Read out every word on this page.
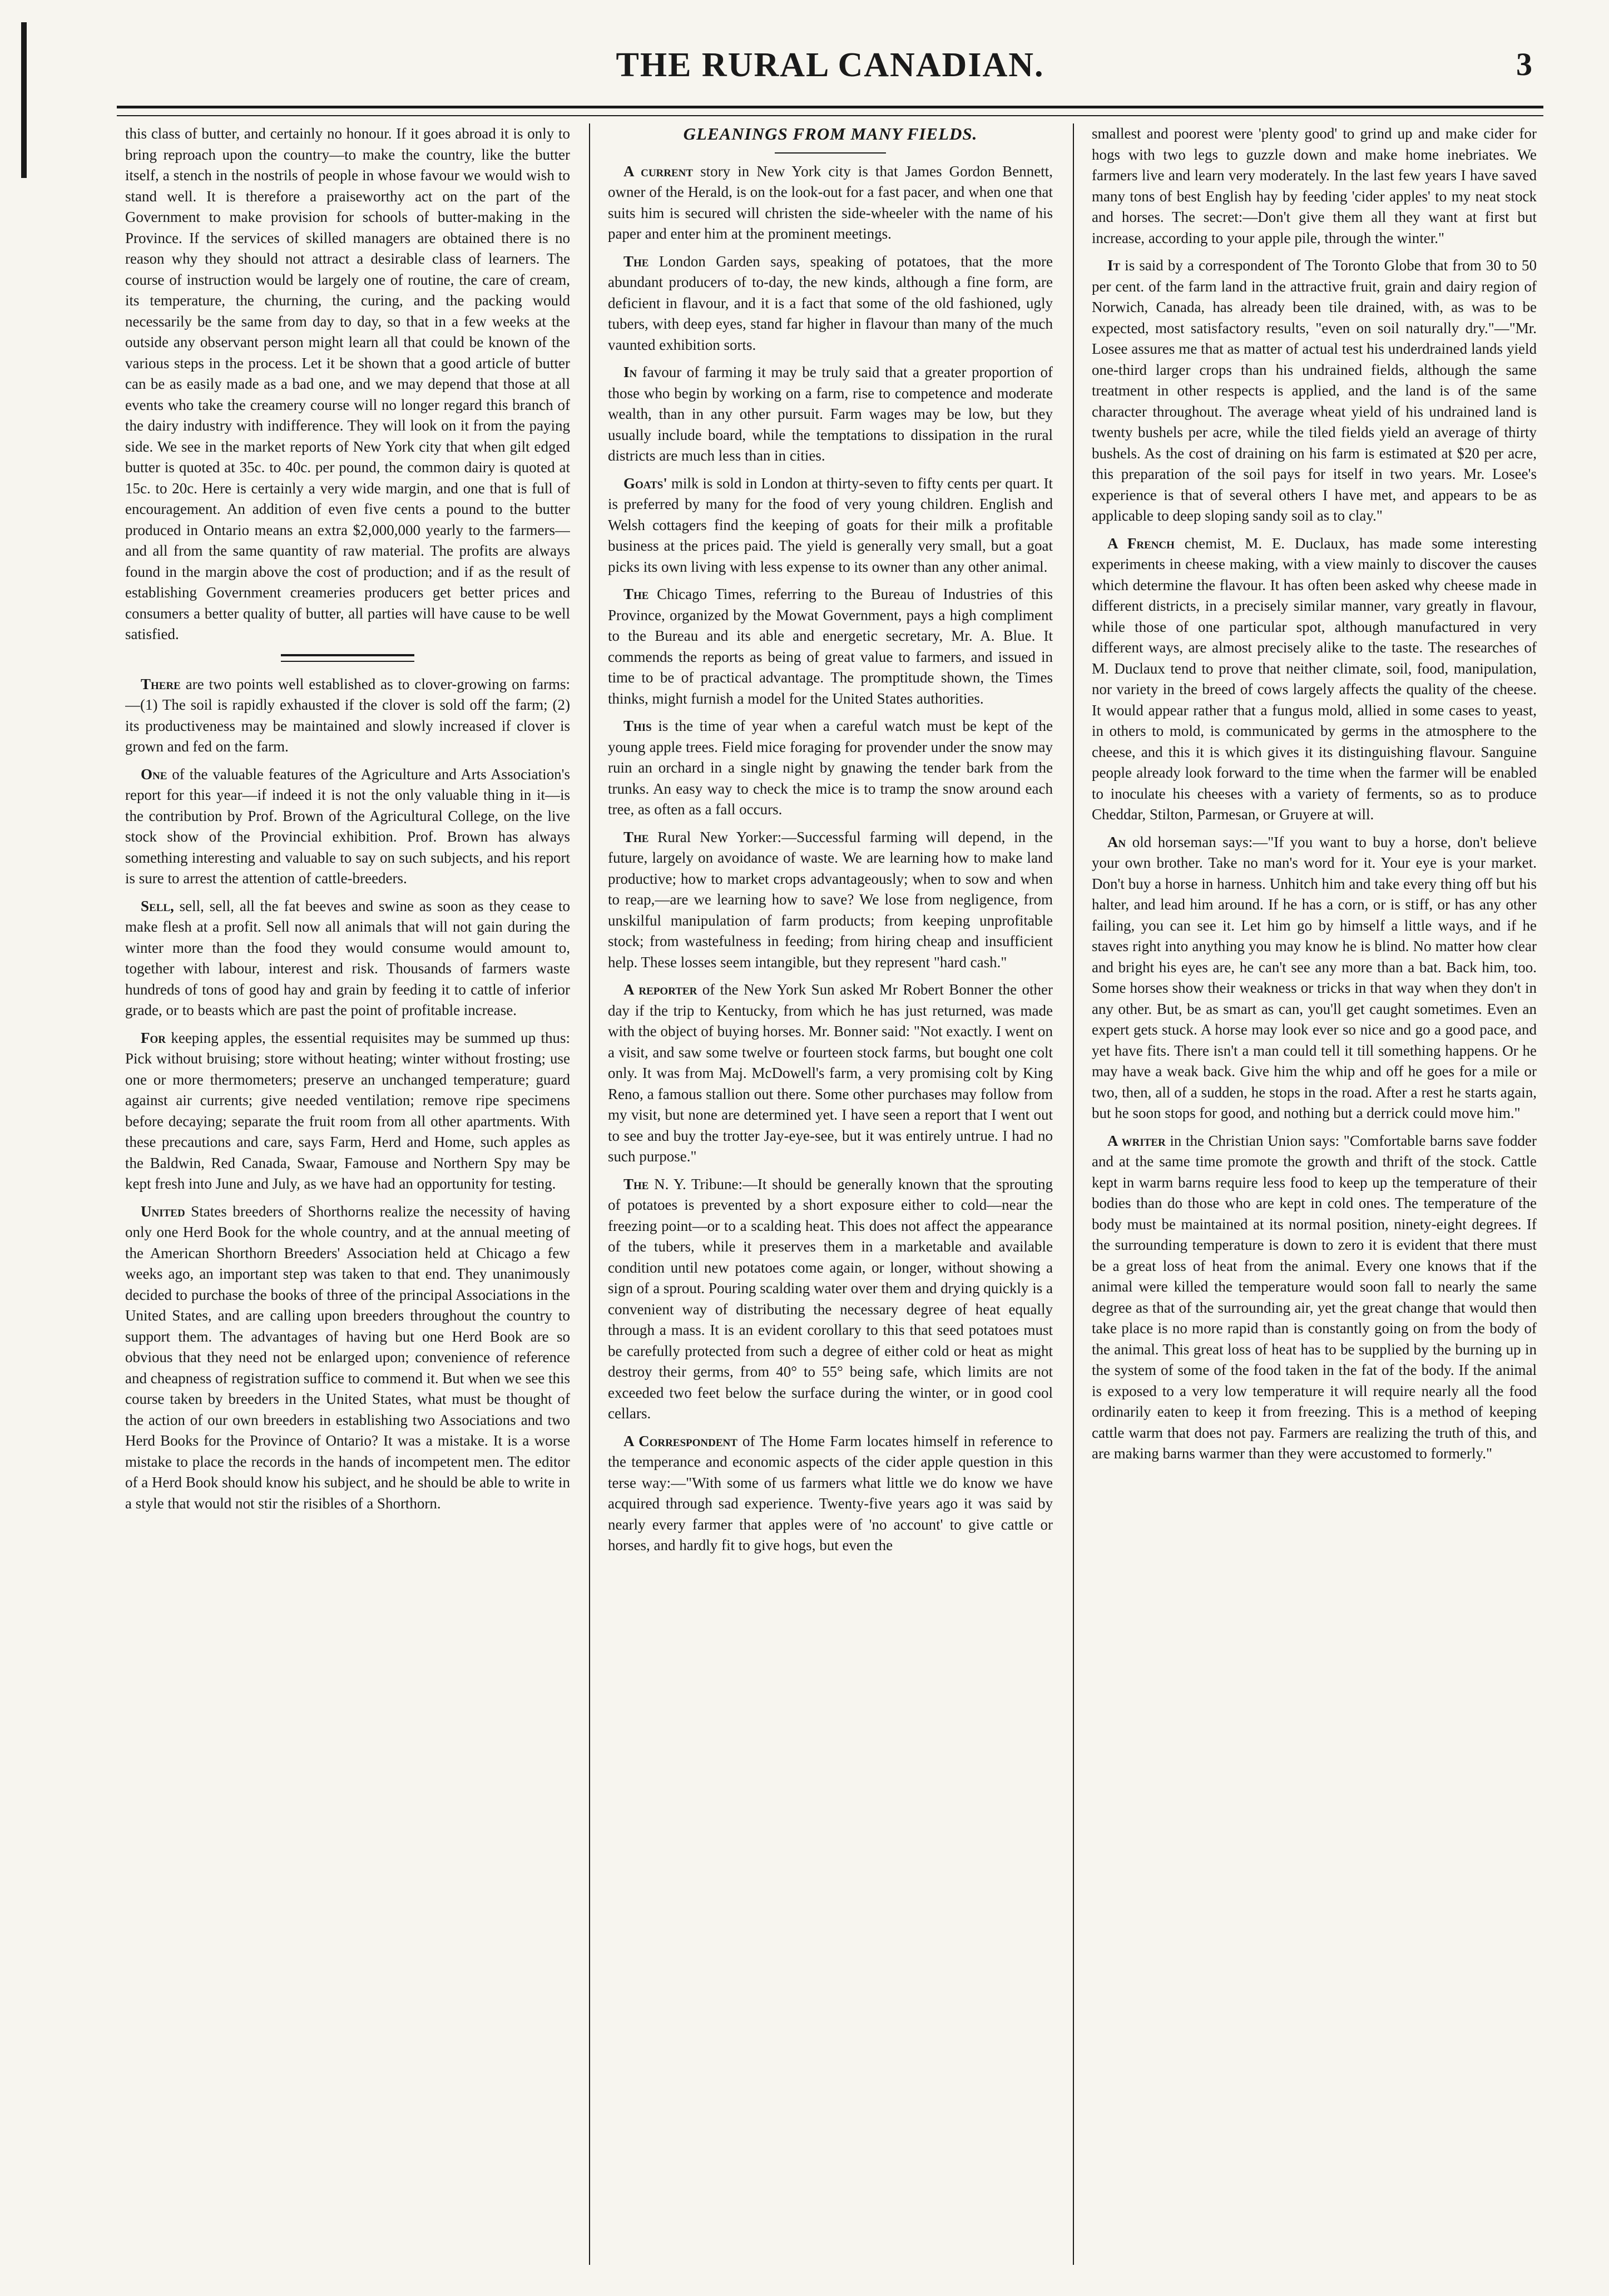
THE RURAL CANADIAN.	3

this class of butter, and certainly no honour. If it goes abroad it is only to bring reproach upon the country—to make the country, like the butter itself, a stench in the nostrils of people in whose favour we would wish to stand well. It is therefore a praiseworthy act on the part of the Government to make provision for schools of butter-making in the Province. If the services of skilled managers are obtained there is no reason why they should not attract a desirable class of learners. The course of instruction would be largely one of routine, the care of cream, its temperature, the churning, the curing, and the packing would necessarily be the same from day to day, so that in a few weeks at the outside any observant person might learn all that could be known of the various steps in the process. Let it be shown that a good article of butter can be as easily made as a bad one, and we may depend that those at all events who take the creamery course will no longer regard this branch of the dairy industry with indifference. They will look on it from the paying side. We see in the market reports of New York city that when gilt edged butter is quoted at 35c. to 40c. per pound, the common dairy is quoted at 15c. to 20c. Here is certainly a very wide margin, and one that is full of encouragement. An addition of even five cents a pound to the butter produced in Ontario means an extra $2,000,000 yearly to the farmers—and all from the same quantity of raw material. The profits are always found in the margin above the cost of production; and if as the result of establishing Government creameries producers get better prices and consumers a better quality of butter, all parties will have cause to be well satisfied.

There are two points well established as to clover-growing on farms:—(1) The soil is rapidly exhausted if the clover is sold off the farm; (2) its productiveness may be maintained and slowly increased if clover is grown and fed on the farm.

One of the valuable features of the Agriculture and Arts Association's report for this year—if indeed it is not the only valuable thing in it—is the contribution by Prof. Brown of the Agricultural College, on the live stock show of the Provincial exhibition. Prof. Brown has always something interesting and valuable to say on such subjects, and his report is sure to arrest the attention of cattle-breeders.

Sell, sell, sell, all the fat beeves and swine as soon as they cease to make flesh at a profit. Sell now all animals that will not gain during the winter more than the food they would consume would amount to, together with labour, interest and risk. Thousands of farmers waste hundreds of tons of good hay and grain by feeding it to cattle of inferior grade, or to beasts which are past the point of profitable increase.

For keeping apples, the essential requisites may be summed up thus: Pick without bruising; store without heating; winter without frosting; use one or more thermometers; preserve an unchanged temperature; guard against air currents; give needed ventilation; remove ripe specimens before decaying; separate the fruit room from all other apartments. With these precautions and care, says Farm, Herd and Home, such apples as the Baldwin, Red Canada, Swaar, Famouse and Northern Spy may be kept fresh into June and July, as we have had an opportunity for testing.

United States breeders of Shorthorns realize the necessity of having only one Herd Book for the whole country, and at the annual meeting of the American Shorthorn Breeders' Association held at Chicago a few weeks ago, an important step was taken to that end. They unanimously decided to purchase the books of three of the principal Associations in the United States, and are calling upon breeders throughout the country to support them. The advantages of having but one Herd Book are so obvious that they need not be enlarged upon; convenience of reference and cheapness of registration suffice to commend it. But when we see this course taken by breeders in the United States, what must be thought of the action of our own breeders in establishing two Associations and two Herd Books for the Province of Ontario? It was a mistake. It is a worse mistake to place the records in the hands of incompetent men. The editor of a Herd Book should know his subject, and he should be able to write in a style that would not stir the risibles of a Shorthorn.

GLEANINGS FROM MANY FIELDS.

A current story in New York city is that James Gordon Bennett, owner of the Herald, is on the look-out for a fast pacer, and when one that suits him is secured will christen the side-wheeler with the name of his paper and enter him at the prominent meetings.

The London Garden says, speaking of potatoes, that the more abundant producers of to-day, the new kinds, although a fine form, are deficient in flavour, and it is a fact that some of the old fashioned, ugly tubers, with deep eyes, stand far higher in flavour than many of the much vaunted exhibition sorts.

In favour of farming it may be truly said that a greater proportion of those who begin by working on a farm, rise to competence and moderate wealth, than in any other pursuit. Farm wages may be low, but they usually include board, while the temptations to dissipation in the rural districts are much less than in cities.

Goats' milk is sold in London at thirty-seven to fifty cents per quart. It is preferred by many for the food of very young children. English and Welsh cottagers find the keeping of goats for their milk a profitable business at the prices paid. The yield is generally very small, but a goat picks its own living with less expense to its owner than any other animal.

The Chicago Times, referring to the Bureau of Industries of this Province, organized by the Mowat Government, pays a high compliment to the Bureau and its able and energetic secretary, Mr. A. Blue. It commends the reports as being of great value to farmers, and issued in time to be of practical advantage. The promptitude shown, the Times thinks, might furnish a model for the United States authorities.

This is the time of year when a careful watch must be kept of the young apple trees. Field mice foraging for provender under the snow may ruin an orchard in a single night by gnawing the tender bark from the trunks. An easy way to check the mice is to tramp the snow around each tree, as often as a fall occurs.

The Rural New Yorker:—Successful farming will depend, in the future, largely on avoidance of waste. We are learning how to make land productive; how to market crops advantageously; when to sow and when to reap,—are we learning how to save? We lose from negligence, from unskilful manipulation of farm products; from keeping unprofitable stock; from wastefulness in feeding; from hiring cheap and insufficient help. These losses seem intangible, but they represent "hard cash."

A reporter of the New York Sun asked Mr Robert Bonner the other day if the trip to Kentucky, from which he has just returned, was made with the object of buying horses. Mr. Bonner said: "Not exactly. I went on a visit, and saw some twelve or fourteen stock farms, but bought one colt only. It was from Maj. McDowell's farm, a very promising colt by King Reno, a famous stallion out there. Some other purchases may follow from my visit, but none are determined yet. I have seen a report that I went out to see and buy the trotter Jay-eye-see, but it was entirely untrue. I had no such purpose."

The N. Y. Tribune:—It should be generally known that the sprouting of potatoes is prevented by a short exposure either to cold—near the freezing point—or to a scalding heat. This does not affect the appearance of the tubers, while it preserves them in a marketable and available condition until new potatoes come again, or longer, without showing a sign of a sprout. Pouring scalding water over them and drying quickly is a convenient way of distributing the necessary degree of heat equally through a mass. It is an evident corollary to this that seed potatoes must be carefully protected from such a degree of either cold or heat as might destroy their germs, from 40° to 55° being safe, which limits are not exceeded two feet below the surface during the winter, or in good cool cellars.

A Correspondent of The Home Farm locates himself in reference to the temperance and economic aspects of the cider apple question in this terse way:—"With some of us farmers what little we do know we have acquired through sad experience. Twenty-five years ago it was said by nearly every farmer that apples were of 'no account' to give cattle or horses, and hardly fit to give hogs, but even the

smallest and poorest were 'plenty good' to grind up and make cider for hogs with two legs to guzzle down and make home inebriates. We farmers live and learn very moderately. In the last few years I have saved many tons of best English hay by feeding 'cider apples' to my neat stock and horses. The secret:—Don't give them all they want at first but increase, according to your apple pile, through the winter."

It is said by a correspondent of The Toronto Globe that from 30 to 50 per cent. of the farm land in the attractive fruit, grain and dairy region of Norwich, Canada, has already been tile drained, with, as was to be expected, most satisfactory results, "even on soil naturally dry."—"Mr. Losee assures me that as matter of actual test his underdrained lands yield one-third larger crops than his undrained fields, although the same treatment in other respects is applied, and the land is of the same character throughout. The average wheat yield of his undrained land is twenty bushels per acre, while the tiled fields yield an average of thirty bushels. As the cost of draining on his farm is estimated at $20 per acre, this preparation of the soil pays for itself in two years. Mr. Losee's experience is that of several others I have met, and appears to be as applicable to deep sloping sandy soil as to clay."

A French chemist, M. E. Duclaux, has made some interesting experiments in cheese making, with a view mainly to discover the causes which determine the flavour. It has often been asked why cheese made in different districts, in a precisely similar manner, vary greatly in flavour, while those of one particular spot, although manufactured in very different ways, are almost precisely alike to the taste. The researches of M. Duclaux tend to prove that neither climate, soil, food, manipulation, nor variety in the breed of cows largely affects the quality of the cheese. It would appear rather that a fungus mold, allied in some cases to yeast, in others to mold, is communicated by germs in the atmosphere to the cheese, and this it is which gives it its distinguishing flavour. Sanguine people already look forward to the time when the farmer will be enabled to inoculate his cheeses with a variety of ferments, so as to produce Cheddar, Stilton, Parmesan, or Gruyere at will.

An old horseman says:—"If you want to buy a horse, don't believe your own brother. Take no man's word for it. Your eye is your market. Don't buy a horse in harness. Unhitch him and take every thing off but his halter, and lead him around. If he has a corn, or is stiff, or has any other failing, you can see it. Let him go by himself a little ways, and if he staves right into anything you may know he is blind. No matter how clear and bright his eyes are, he can't see any more than a bat. Back him, too. Some horses show their weakness or tricks in that way when they don't in any other. But, be as smart as can, you'll get caught sometimes. Even an expert gets stuck. A horse may look ever so nice and go a good pace, and yet have fits. There isn't a man could tell it till something happens. Or he may have a weak back. Give him the whip and off he goes for a mile or two, then, all of a sudden, he stops in the road. After a rest he starts again, but he soon stops for good, and nothing but a derrick could move him."

A writer in the Christian Union says: "Comfortable barns save fodder and at the same time promote the growth and thrift of the stock. Cattle kept in warm barns require less food to keep up the temperature of their bodies than do those who are kept in cold ones. The temperature of the body must be maintained at its normal position, ninety-eight degrees. If the surrounding temperature is down to zero it is evident that there must be a great loss of heat from the animal. Every one knows that if the animal were killed the temperature would soon fall to nearly the same degree as that of the surrounding air, yet the great change that would then take place is no more rapid than is constantly going on from the body of the animal. This great loss of heat has to be supplied by the burning up in the system of some of the food taken in the fat of the body. If the animal is exposed to a very low temperature it will require nearly all the food ordinarily eaten to keep it from freezing. This is a method of keeping cattle warm that does not pay. Farmers are realizing the truth of this, and are making barns warmer than they were accustomed to formerly."
